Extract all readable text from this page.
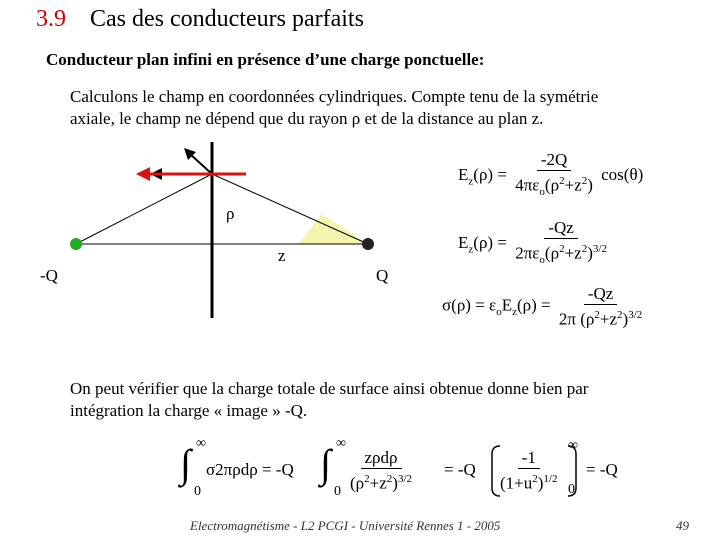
3.9 Cas des conducteurs parfaits
Conducteur plan infini en présence d’une charge ponctuelle:
Calculons le champ en coordonnées cylindriques. Compte tenu de la symétrie
axiale, le champ ne dépend que du rayon ρ et de la distance au plan z.
ρ
z
-Q	Q
$E_z(\rho) = \frac{-2Q}{4\pi\varepsilon_o(\rho^2+z^2)} \cos(\theta)$
$E_z(\rho) = \frac{-Qz}{2\pi\varepsilon_o(\rho^2+z^2)^{3/2}}$
$\sigma(\rho) = \varepsilon_oE_z(\rho) = \frac{-Qz}{2\pi (\rho^2+z^2)^{3/2}}$
On peut vérifier que la charge totale de surface ainsi obtenue donne bien par
intégration la charge « image » -Q.
∫ ∞
0
σ2πρdρ = -Q ∫ ∞
$0 \frac{\text{zρdρ}}{(\rho^2+z^2)^{3/2}} = -Q \frac{-1}{(1+u^2)^{1/2}}$
∞
0
= -Q
Electromagnétisme - L2 PCGI - Université Rennes 1 - 2005	49
